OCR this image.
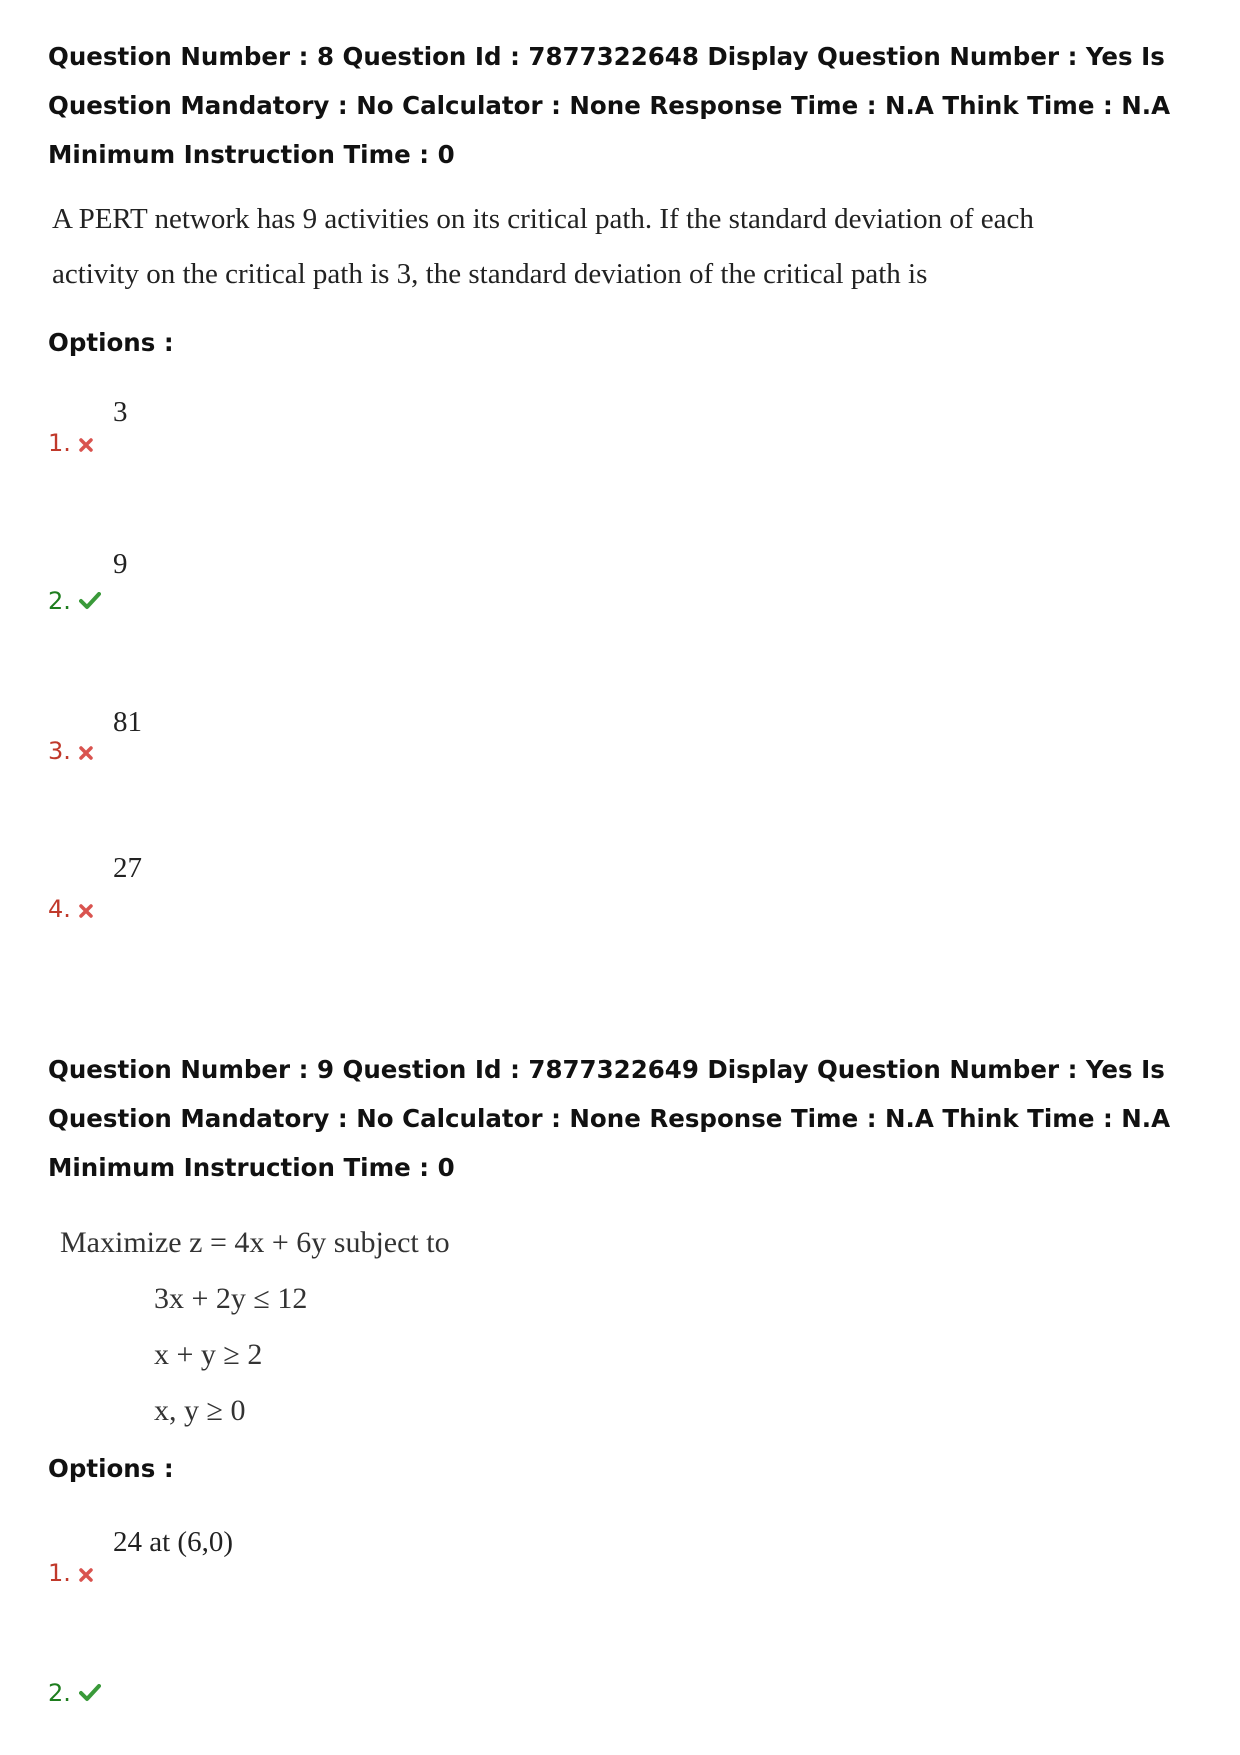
Question Number : 8 Question Id : 7877322648 Display Question Number : Yes Is Question Mandatory : No Calculator : None Response Time : N.A Think Time : N.A Minimum Instruction Time : 0

A PERT network has 9 activities on its critical path. If the standard deviation of each

activity on the critical path is 3, the standard deviation of the critical path is

Options :
3
1.
9
2.
81
3.
27
4.

Question Number : 9 Question Id : 7877322649 Display Question Number : Yes Is Question Mandatory : No Calculator : None Response Time : N.A Think Time : N.A Minimum Instruction Time : 0

Maximize z = 4x + 6y subject to
3x + 2y ≤ 12
x + y ≥ 2
x, y ≥ 0
Options :
24 at (6,0)
1.
2.
